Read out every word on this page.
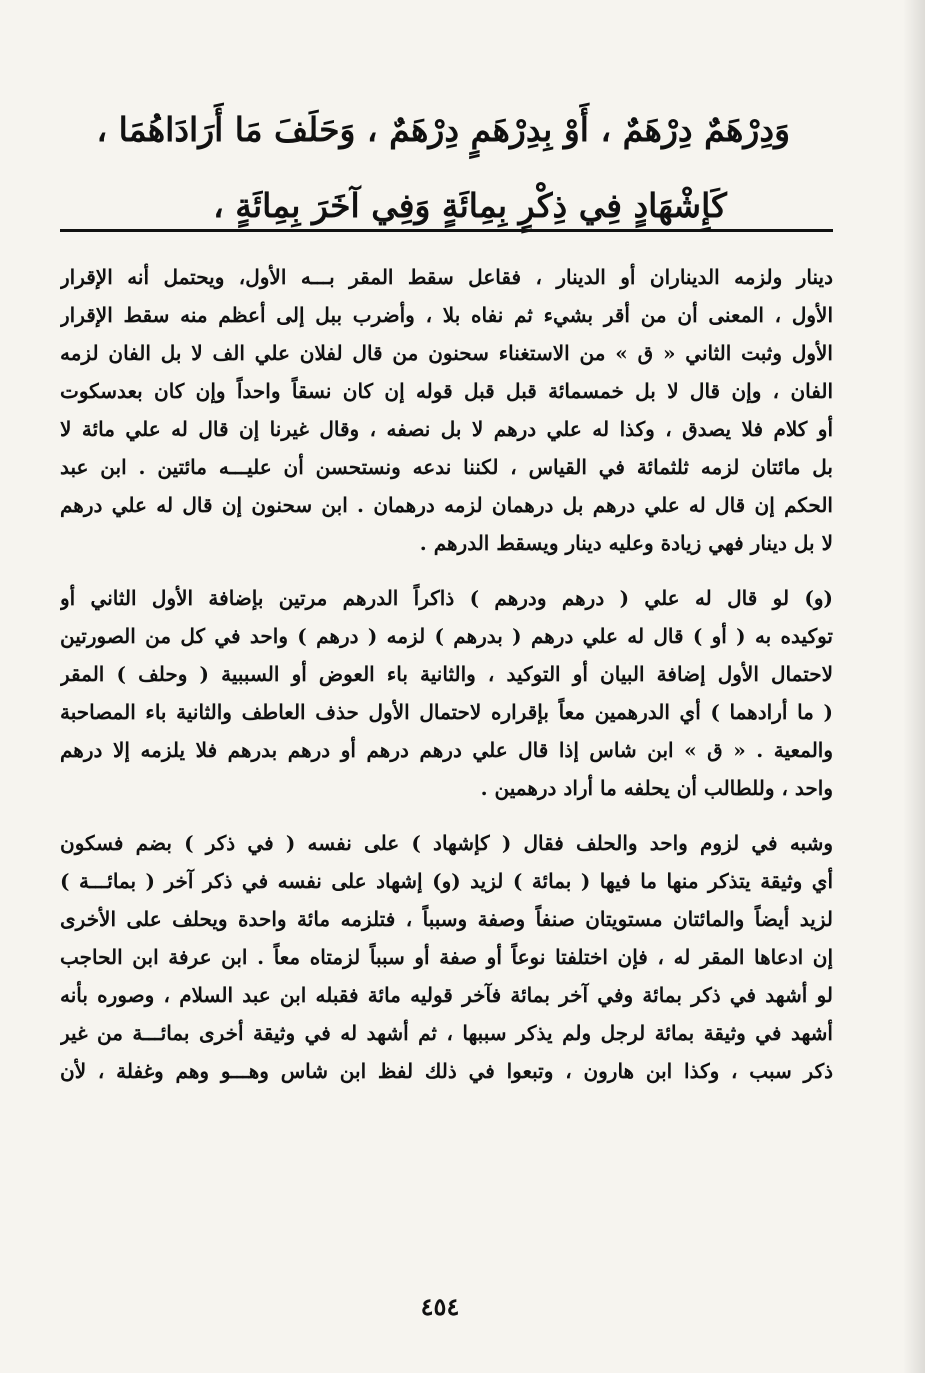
وَدِرْهَمٌ دِرْهَمٌ ، أَوْ بِدِرْهَمٍ دِرْهَمٌ ، وَحَلَفَ مَا أَرَادَاهُمَا ،
كَإِشْهَادٍ فِي ذِكْرٍ بِمِائَةٍ وَفِي آخَرَ بِمِائَةٍ ،
دينار ولزمه الديناران أو الدينار ، فقاعل سقط المقر بـــه الأول، ويحتمل أنه الإقرار
الأول ، المعنى أن من أقر بشيء ثم نفاه بلا ، وأضرب ببل إلى أعظم منه سقط الإقرار
الأول وثبت الثاني « ق » من الاستغناء سحنون من قال لفلان علي الف لا بل الفان لزمه
الفان ، وإن قال لا بل خمسمائة قبل قبل قوله إن كان نسقاً واحداً وإن كان بعدسكوت
أو كلام فلا يصدق ، وكذا له علي درهم لا بل نصفه ، وقال غيرنا إن قال له علي مائة لا
بل مائتان لزمه ثلثمائة في القياس ، لكننا ندعه ونستحسن أن عليـــه مائتين . ابن عبد
الحكم إن قال له علي درهم بل درهمان لزمه درهمان . ابن سحنون إن قال له علي درهم
لا بل دينار فهي زيادة وعليه دينار ويسقط الدرهم .
(و) لو قال له علي ( درهم ودرهم ) ذاكراً الدرهم مرتين بإضافة الأول الثاني أو
توكيده به ( أو ) قال له علي درهم ( بدرهم ) لزمه ( درهم ) واحد في كل من الصورتين
لاحتمال الأول إضافة البيان أو التوكيد ، والثانية باء العوض أو السببية ( وحلف ) المقر
( ما أرادهما ) أي الدرهمين معاً بإقراره لاحتمال الأول حذف العاطف والثانية باء المصاحبة
والمعية . « ق » ابن شاس إذا قال علي درهم درهم أو درهم بدرهم فلا يلزمه إلا درهم
واحد ، وللطالب أن يحلفه ما أراد درهمين .
وشبه في لزوم واحد والحلف فقال ( كإشهاد ) على نفسه ( في ذكر ) بضم فسكون
أي وثيقة يتذكر منها ما فيها ( بمائة ) لزيد (و) إشهاد على نفسه في ذكر آخر ( بمائـــة )
لزيد أيضاً والمائتان مستويتان صنفاً وصفة وسبباً ، فتلزمه مائة واحدة ويحلف على الأخرى
إن ادعاها المقر له ، فإن اختلفتا نوعاً أو صفة أو سبباً لزمتاه معاً . ابن عرفة ابن الحاجب
لو أشهد في ذكر بمائة وفي آخر بمائة فآخر قوليه مائة فقبله ابن عبد السلام ، وصوره بأنه
أشهد في وثيقة بمائة لرجل ولم يذكر سببها ، ثم أشهد له في وثيقة أخرى بمائـــة من غير
ذكر سبب ، وكذا ابن هارون ، وتبعوا في ذلك لفظ ابن شاس وهـــو وهم وغفلة ، لأن
٤٥٤
